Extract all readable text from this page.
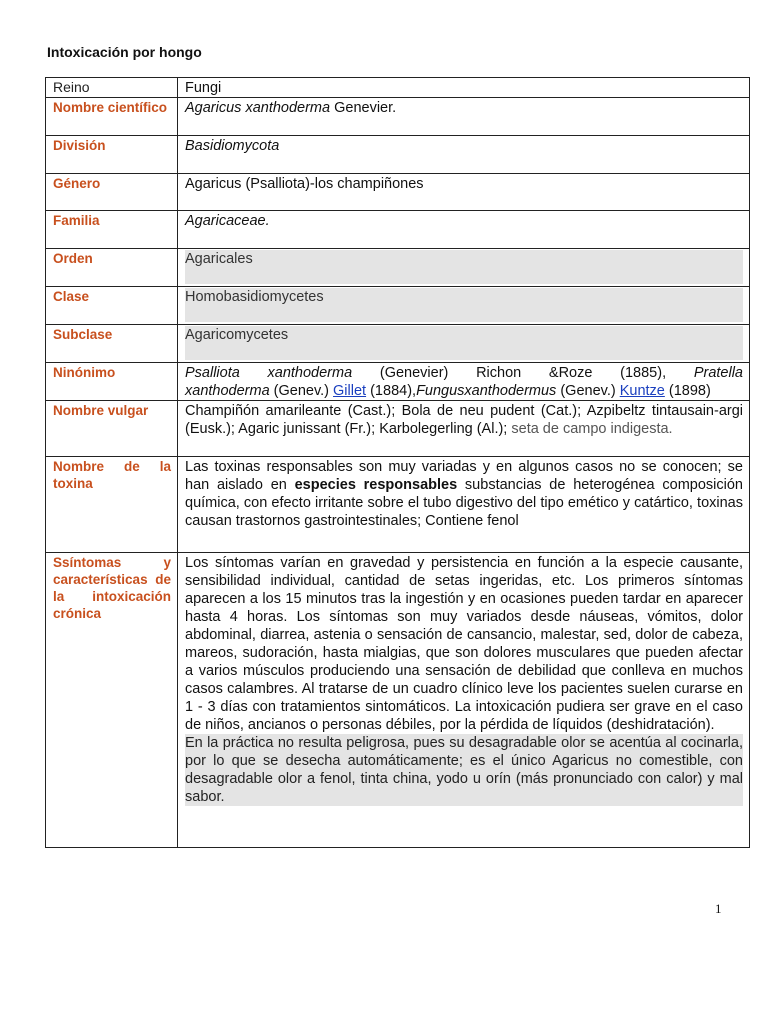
Intoxicación por hongo
Reino	Fungi
Nombre científico	Agaricus xanthoderma Genevier.
División	Basidiomycota
Género	Agaricus (Psalliota)-los champiñones
Familia	Agaricaceae.
Orden	Agaricales

Clase	Homobasidiomycetes

Subclase	Agaricomycetes

Ninónimo	Psalliota xanthoderma (Genevier) Richon &Roze (1885), Pratella
xanthoderma (Genev.) Gillet (1884),Fungusxanthodermus (Genev.) Kuntze (1898)

Nombre vulgar	Champiñón amarileante (Cast.); Bola de neu pudent (Cat.); Azpibeltz tintausain-argi (Eusk.); Agaric junissant (Fr.); Karbolegerling (Al.); seta de campo indigesta.
Nombre de la toxina	Las toxinas responsables son muy variadas y en algunos casos no se conocen; se han aislado en especies responsables substancias de heterogénea composición química, con efecto irritante sobre el tubo digestivo del tipo emético y catártico, toxinas causan trastornos gastrointestinales; Contiene fenol
Ssíntomas y características de la intoxicación crónica	Los síntomas varían en gravedad y persistencia en función a la especie causante, sensibilidad individual, cantidad de setas ingeridas, etc. Los primeros síntomas aparecen a los 15 minutos tras la ingestión y en ocasiones pueden tardar en aparecer hasta 4 horas. Los síntomas son muy variados desde náuseas, vómitos, dolor abdominal, diarrea, astenia o sensación de cansancio, malestar, sed, dolor de cabeza, mareos, sudoración, hasta mialgias, que son dolores musculares que pueden afectar a varios músculos produciendo una sensación de debilidad que conlleva en muchos casos calambres. Al tratarse de un cuadro clínico leve los pacientes suelen curarse en 1 - 3 días con tratamientos sintomáticos. La intoxicación pudiera ser grave en el caso de niños, ancianos o personas débiles, por la pérdida de líquidos (deshidratación).
En la práctica no resulta peligrosa, pues su desagradable olor se acentúa al cocinarla, por lo que se desecha automáticamente; es el único Agaricus no comestible, con desagradable olor a fenol, tinta china, yodo u orín (más pronunciado con calor) y mal sabor.
1
